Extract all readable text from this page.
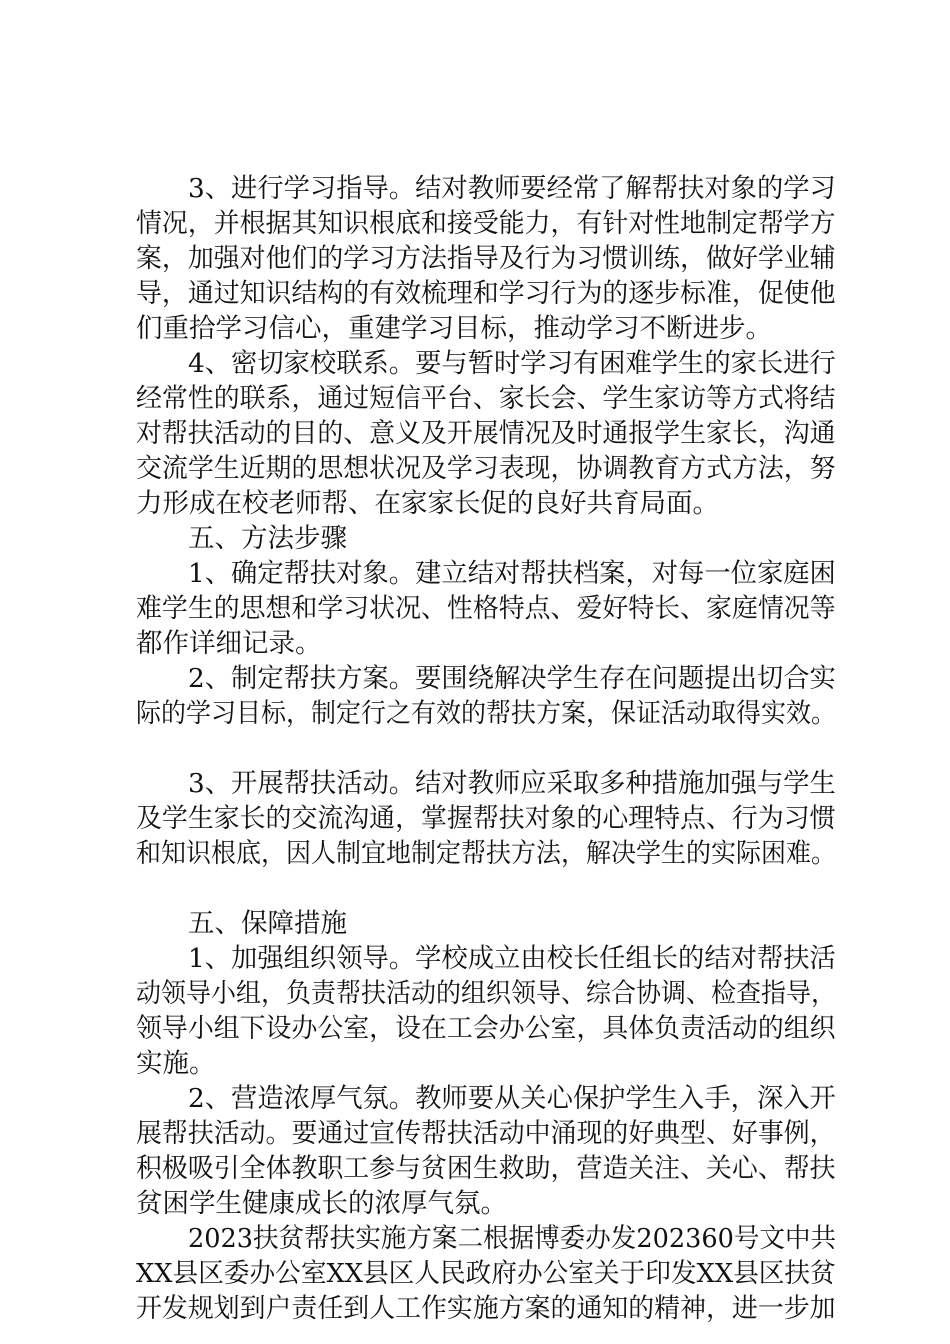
3、进行学习指导。结对教师要经常了解帮扶对象的学习
情况，并根据其知识根底和接受能力，有针对性地制定帮学方
案，加强对他们的学习方法指导及行为习惯训练，做好学业辅
导，通过知识结构的有效梳理和学习行为的逐步标准，促使他
们重拾学习信心，重建学习目标，推动学习不断进步。
4、密切家校联系。要与暂时学习有困难学生的家长进行
经常性的联系，通过短信平台、家长会、学生家访等方式将结
对帮扶活动的目的、意义及开展情况及时通报学生家长，沟通
交流学生近期的思想状况及学习表现，协调教育方式方法，努
力形成在校老师帮、在家家长促的良好共育局面。
五、方法步骤
1、确定帮扶对象。建立结对帮扶档案，对每一位家庭困
难学生的思想和学习状况、性格特点、爱好特长、家庭情况等
都作详细记录。
2、制定帮扶方案。要围绕解决学生存在问题提出切合实
际的学习目标，制定行之有效的帮扶方案，保证活动取得实效。
3、开展帮扶活动。结对教师应采取多种措施加强与学生
及学生家长的交流沟通，掌握帮扶对象的心理特点、行为习惯
和知识根底，因人制宜地制定帮扶方法，解决学生的实际困难。
五、保障措施
1、加强组织领导。学校成立由校长任组长的结对帮扶活
动领导小组，负责帮扶活动的组织领导、综合协调、检查指导，
领导小组下设办公室，设在工会办公室，具体负责活动的组织
实施。
2、营造浓厚气氛。教师要从关心保护学生入手，深入开
展帮扶活动。要通过宣传帮扶活动中涌现的好典型、好事例，
积极吸引全体教职工参与贫困生救助，营造关注、关心、帮扶
贫困学生健康成长的浓厚气氛。
2023扶贫帮扶实施方案二根据博委办发202360号文中共
XX县区委办公室XX县区人民政府办公室关于印发XX县区扶贫
开发规划到户责任到人工作实施方案的通知的精神，进一步加
